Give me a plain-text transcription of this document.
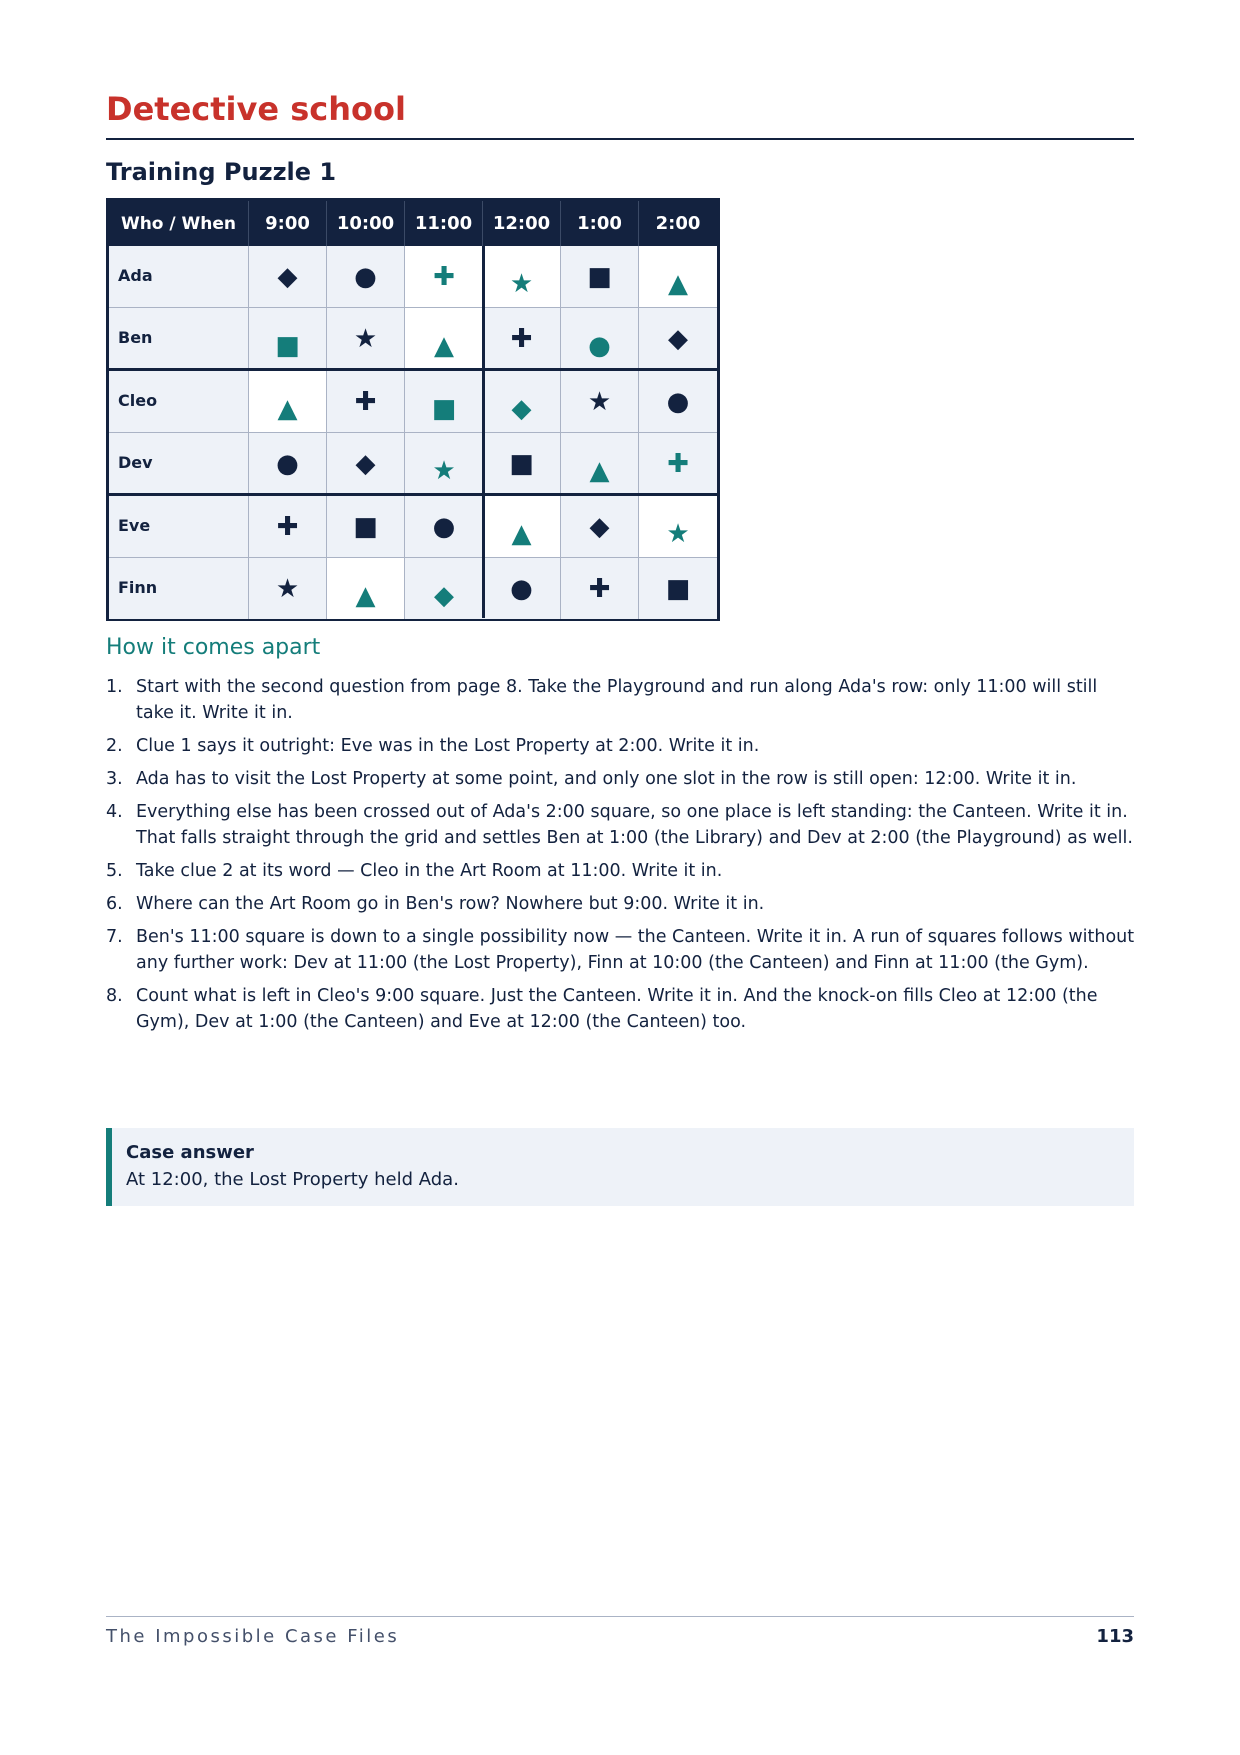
Detective school
Training Puzzle 1
Who / When	9:00	10:00	11:00	12:00	1:00	2:00
Ada	◆	●	✚	★	■	▲
Ben	■	★	▲	✚	●	◆
Cleo	▲	✚	■	◆	★	●
Dev	●	◆	★	■	▲	✚
Eve	✚	■	●	▲	◆	★
Finn	★	▲	◆	●	✚	■
How it comes apart
1. Start with the second question from page 8. Take the Playground and run along Ada's row: only 11:00 will still take it. Write it in.
2. Clue 1 says it outright: Eve was in the Lost Property at 2:00. Write it in.
3. Ada has to visit the Lost Property at some point, and only one slot in the row is still open: 12:00. Write it in.
4. Everything else has been crossed out of Ada's 2:00 square, so one place is left standing: the Canteen. Write it in. That falls straight through the grid and settles Ben at 1:00 (the Library) and Dev at 2:00 (the Playground) as well.
5. Take clue 2 at its word — Cleo in the Art Room at 11:00. Write it in.
6. Where can the Art Room go in Ben's row? Nowhere but 9:00. Write it in.
7. Ben's 11:00 square is down to a single possibility now — the Canteen. Write it in. A run of squares follows without any further work: Dev at 11:00 (the Lost Property), Finn at 10:00 (the Canteen) and Finn at 11:00 (the Gym).
8. Count what is left in Cleo's 9:00 square. Just the Canteen. Write it in. And the knock-on fills Cleo at 12:00 (the Gym), Dev at 1:00 (the Canteen) and Eve at 12:00 (the Canteen) too.
Case answer
At 12:00, the Lost Property held Ada.
The Impossible Case Files	113
